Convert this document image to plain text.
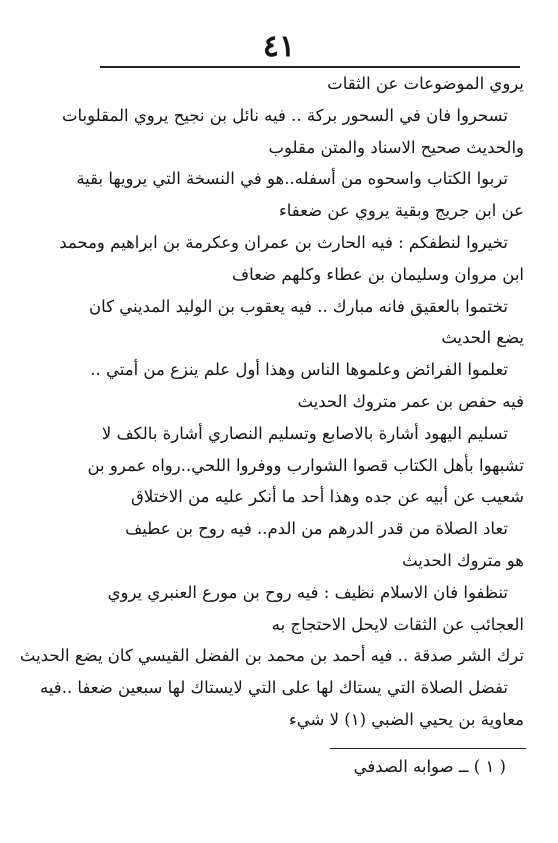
٤١
يروي الموضوعات عن الثقات
تسحروا فان في السحور بركة .. فيه نائل بن نجيح يروي المقلوبات
والحديث صحيح الاسناد والمتن مقلوب
تربوا الكتاب واسحوه من أسفله..هو في النسخة التي يرويها بقية
عن ابن جريج وبقية يروي عن ضعفاء
تخيروا لنطفكم : فيه الحارث بن عمران وعكرمة بن ابراهيم ومحمد
ابن مروان وسليمان بن عطاء وكلهم ضعاف
تختموا بالعقيق فانه مبارك .. فيه يعقوب بن الوليد المديني كان
يضع الحديث
تعلموا الفرائض وعلموها الناس وهذا أول علم ينزع من أمتي ..
فيه حفص بن عمر متروك الحديث
تسليم اليهود أشارة بالاصابع وتسليم النصاري أشارة بالكف لا
تشبهوا بأهل الكتاب قصوا الشوارب ووفروا اللحي..رواه عمرو بن
شعيب عن أبيه عن جده وهذا أحد ما أنكر عليه من الاختلاق
تعاد الصلاة من قدر الدرهم من الدم.. فيه روح بن عطيف
هو متروك الحديث
تنظفوا فان الاسلام نظيف : فيه روح بن مورع العنبري يروي
العجائب عن الثقات لايحل الاحتجاج به
ترك الشر صدقة .. فيه أحمد بن محمد بن الفضل القيسي كان يضع الحديث
تفضل الصلاة التي يستاك لها على التي لايستاك لها سبعين ضعفا ..فيه
معاوية بن يحيي الضبي (١) لا شيء
( ١ ) ــ صوابه الصدفي
